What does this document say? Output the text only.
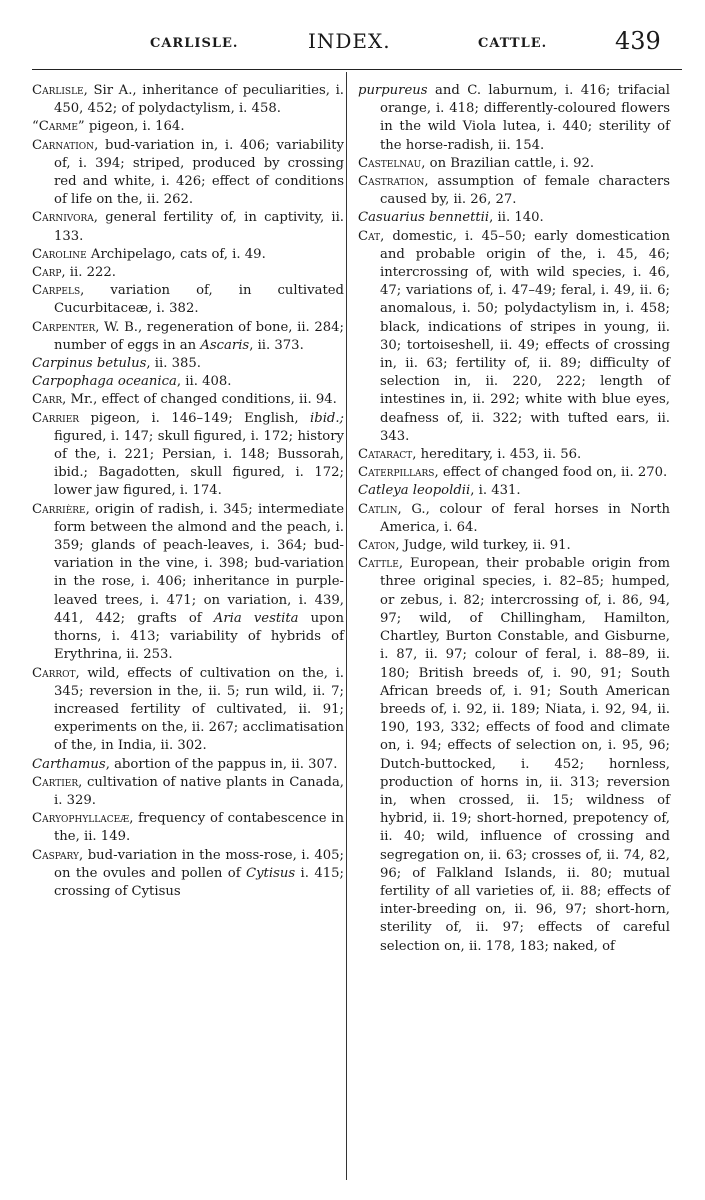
CARLISLE.	INDEX.	CATTLE.	439

Carlisle, Sir A., inheritance of peculiarities, i. 450, 452; of polydactylism, i. 458.

“Carme” pigeon, i. 164.

Carnation, bud-variation in, i. 406; variability of, i. 394; striped, produced by crossing red and white, i. 426; effect of conditions of life on the, ii. 262.

Carnivora, general fertility of, in captivity, ii. 133.

Caroline Archipelago, cats of, i. 49.

Carp, ii. 222.

Carpels, variation of, in cultivated Cucurbitaceæ, i. 382.

Carpenter, W. B., regeneration of bone, ii. 284; number of eggs in an Ascaris, ii. 373.

Carpinus betulus, ii. 385.

Carpophaga oceanica, ii. 408.

Carr, Mr., effect of changed conditions, ii. 94.

Carrier pigeon, i. 146–149; English, ibid.; figured, i. 147; skull figured, i. 172; history of the, i. 221; Persian, i. 148; Bussorah, ibid.; Bagadotten, skull figured, i. 172; lower jaw figured, i. 174.

Carrière, origin of radish, i. 345; intermediate form between the almond and the peach, i. 359; glands of peach-leaves, i. 364; bud-variation in the vine, i. 398; bud-variation in the rose, i. 406; inheritance in purple-leaved trees, i. 471; on variation, i. 439, 441, 442; grafts of Aria vestita upon thorns, i. 413; variability of hybrids of Erythrina, ii. 253.

Carrot, wild, effects of cultivation on the, i. 345; reversion in the, ii. 5; run wild, ii. 7; increased fertility of cultivated, ii. 91; experiments on the, ii. 267; acclimatisation of the, in India, ii. 302.

Carthamus, abortion of the pappus in, ii. 307.

Cartier, cultivation of native plants in Canada, i. 329.

Caryophyllaceæ, frequency of contabescence in the, ii. 149.

Caspary, bud-variation in the moss-rose, i. 405; on the ovules and pollen of Cytisus i. 415; crossing of Cytisus

purpureus and C. laburnum, i. 416; trifacial orange, i. 418; differently-coloured flowers in the wild Viola lutea, i. 440; sterility of the horse-radish, ii. 154.

Castelnau, on Brazilian cattle, i. 92.

Castration, assumption of female characters caused by, ii. 26, 27.

Casuarius bennettii, ii. 140.

Cat, domestic, i. 45–50; early domestication and probable origin of the, i. 45, 46; intercrossing of, with wild species, i. 46, 47; variations of, i. 47–49; feral, i. 49, ii. 6; anomalous, i. 50; polydactylism in, i. 458; black, indications of stripes in young, ii. 30; tortoiseshell, ii. 49; effects of crossing in, ii. 63; fertility of, ii. 89; difficulty of selection in, ii. 220, 222; length of intestines in, ii. 292; white with blue eyes, deafness of, ii. 322; with tufted ears, ii. 343.

Cataract, hereditary, i. 453, ii. 56.

Caterpillars, effect of changed food on, ii. 270.

Catleya leopoldii, i. 431.

Catlin, G., colour of feral horses in North America, i. 64.

Caton, Judge, wild turkey, ii. 91.

Cattle, European, their probable origin from three original species, i. 82–85; humped, or zebus, i. 82; intercrossing of, i. 86, 94, 97; wild, of Chillingham, Hamilton, Chartley, Burton Constable, and Gisburne, i. 87, ii. 97; colour of feral, i. 88–89, ii. 180; British breeds of, i. 90, 91; South African breeds of, i. 91; South American breeds of, i. 92, ii. 189; Niata, i. 92, 94, ii. 190, 193, 332; effects of food and climate on, i. 94; effects of selection on, i. 95, 96; Dutch-buttocked, i. 452; hornless, production of horns in, ii. 313; reversion in, when crossed, ii. 15; wildness of hybrid, ii. 19; short-horned, prepotency of, ii. 40; wild, influence of crossing and segregation on, ii. 63; crosses of, ii. 74, 82, 96; of Falkland Islands, ii. 80; mutual fertility of all varieties of, ii. 88; effects of inter-breeding on, ii. 96, 97; short-horn, sterility of, ii. 97; effects of careful selection on, ii. 178, 183; naked, of
